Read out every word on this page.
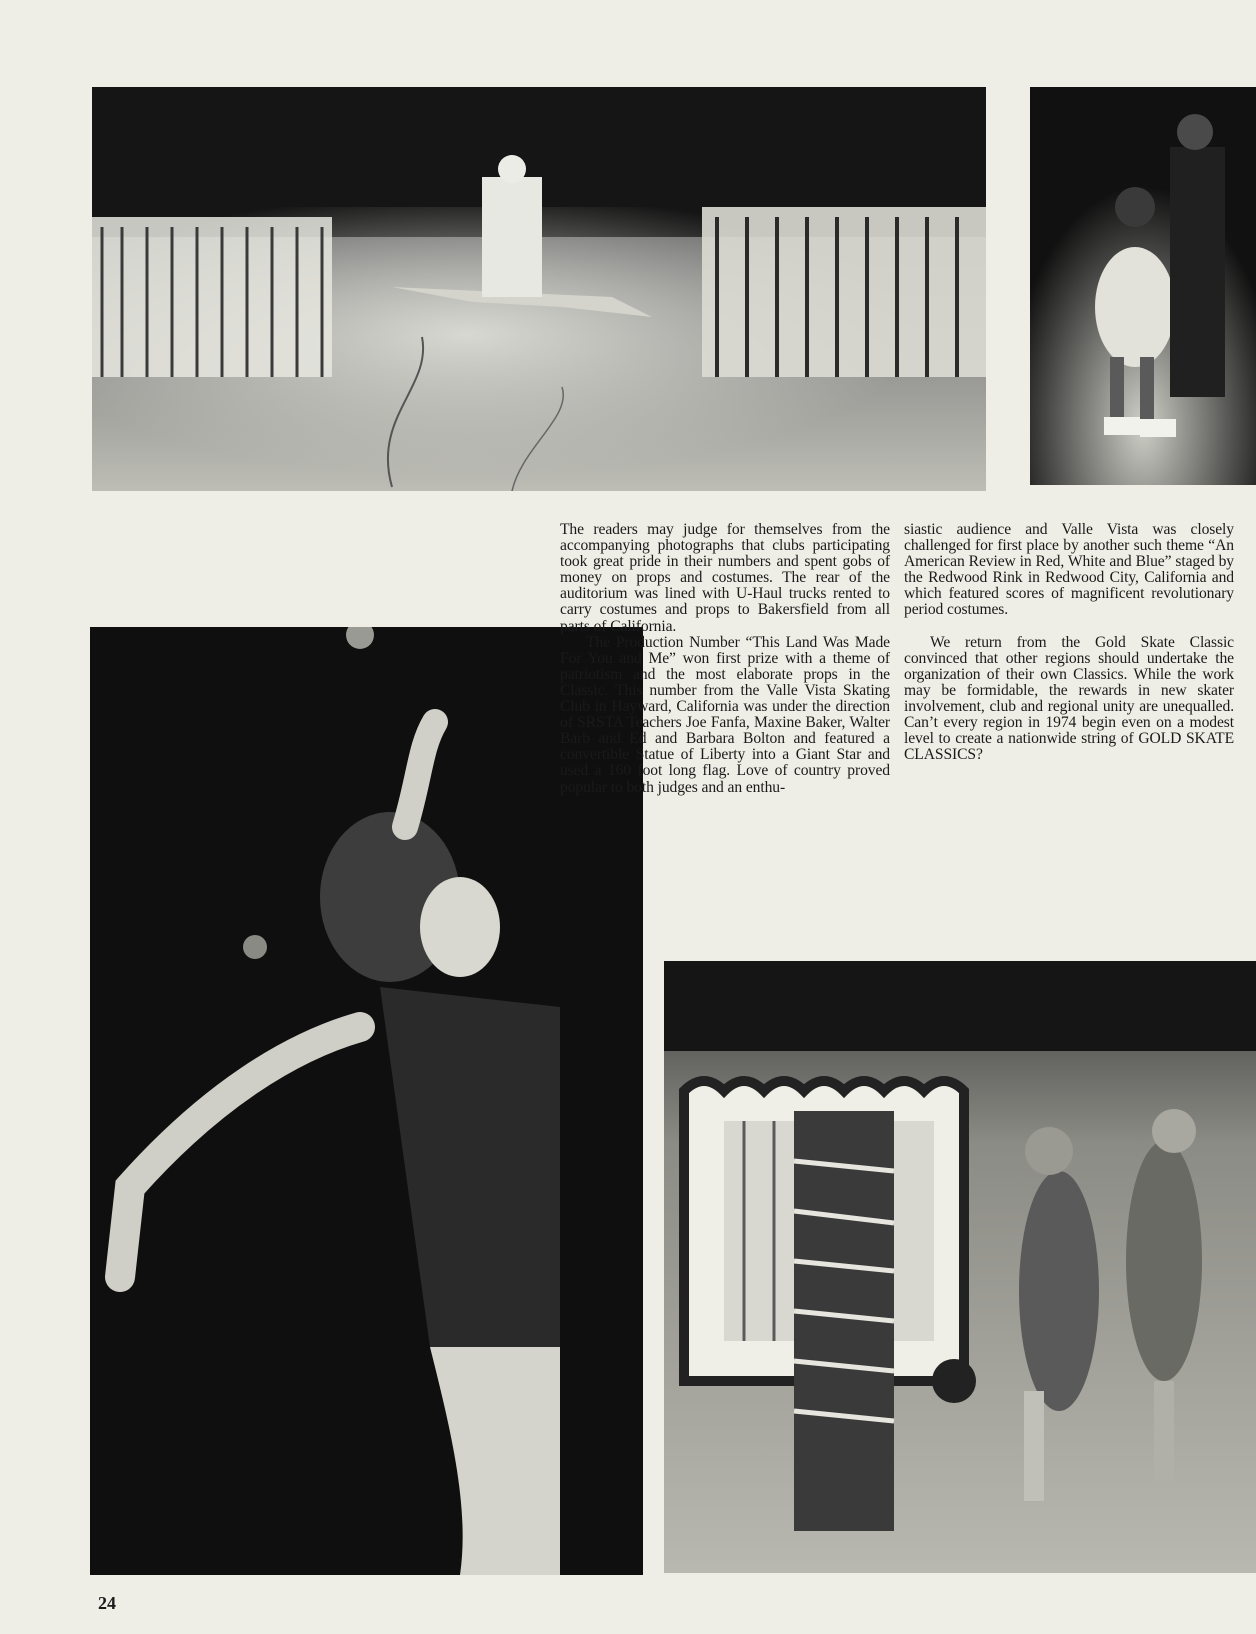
The readers may judge for themselves from the accompanying photographs that clubs participating took great pride in their numbers and spent gobs of money on props and costumes. The rear of the auditorium was lined with U-Haul trucks rented to carry costumes and props to Bakersfield from all parts of California.

The Production Number “This Land Was Made For You and Me” won first prize with a theme of patriotism and the most elaborate props in the Classic. This number from the Valle Vista Skating Club in Hayward, California was under the direction of SRSTA Teachers Joe Fanfa, Maxine Baker, Walter Barb and Ed and Barbara Bolton and featured a convertible Statue of Liberty into a Giant Star and used a 160 foot long flag. Love of country proved popular to both judges and an enthu-

siastic audience and Valle Vista was closely challenged for first place by another such theme “An American Review in Red, White and Blue” staged by the Redwood Rink in Redwood City, California and which featured scores of magnificent revolutionary period costumes.

We return from the Gold Skate Classic convinced that other regions should undertake the organization of their own Classics. While the work may be formidable, the rewards in new skater involvement, club and regional unity are unequalled. Can’t every region in 1974 begin even on a modest level to create a nationwide string of GOLD SKATE CLASSICS?

24
